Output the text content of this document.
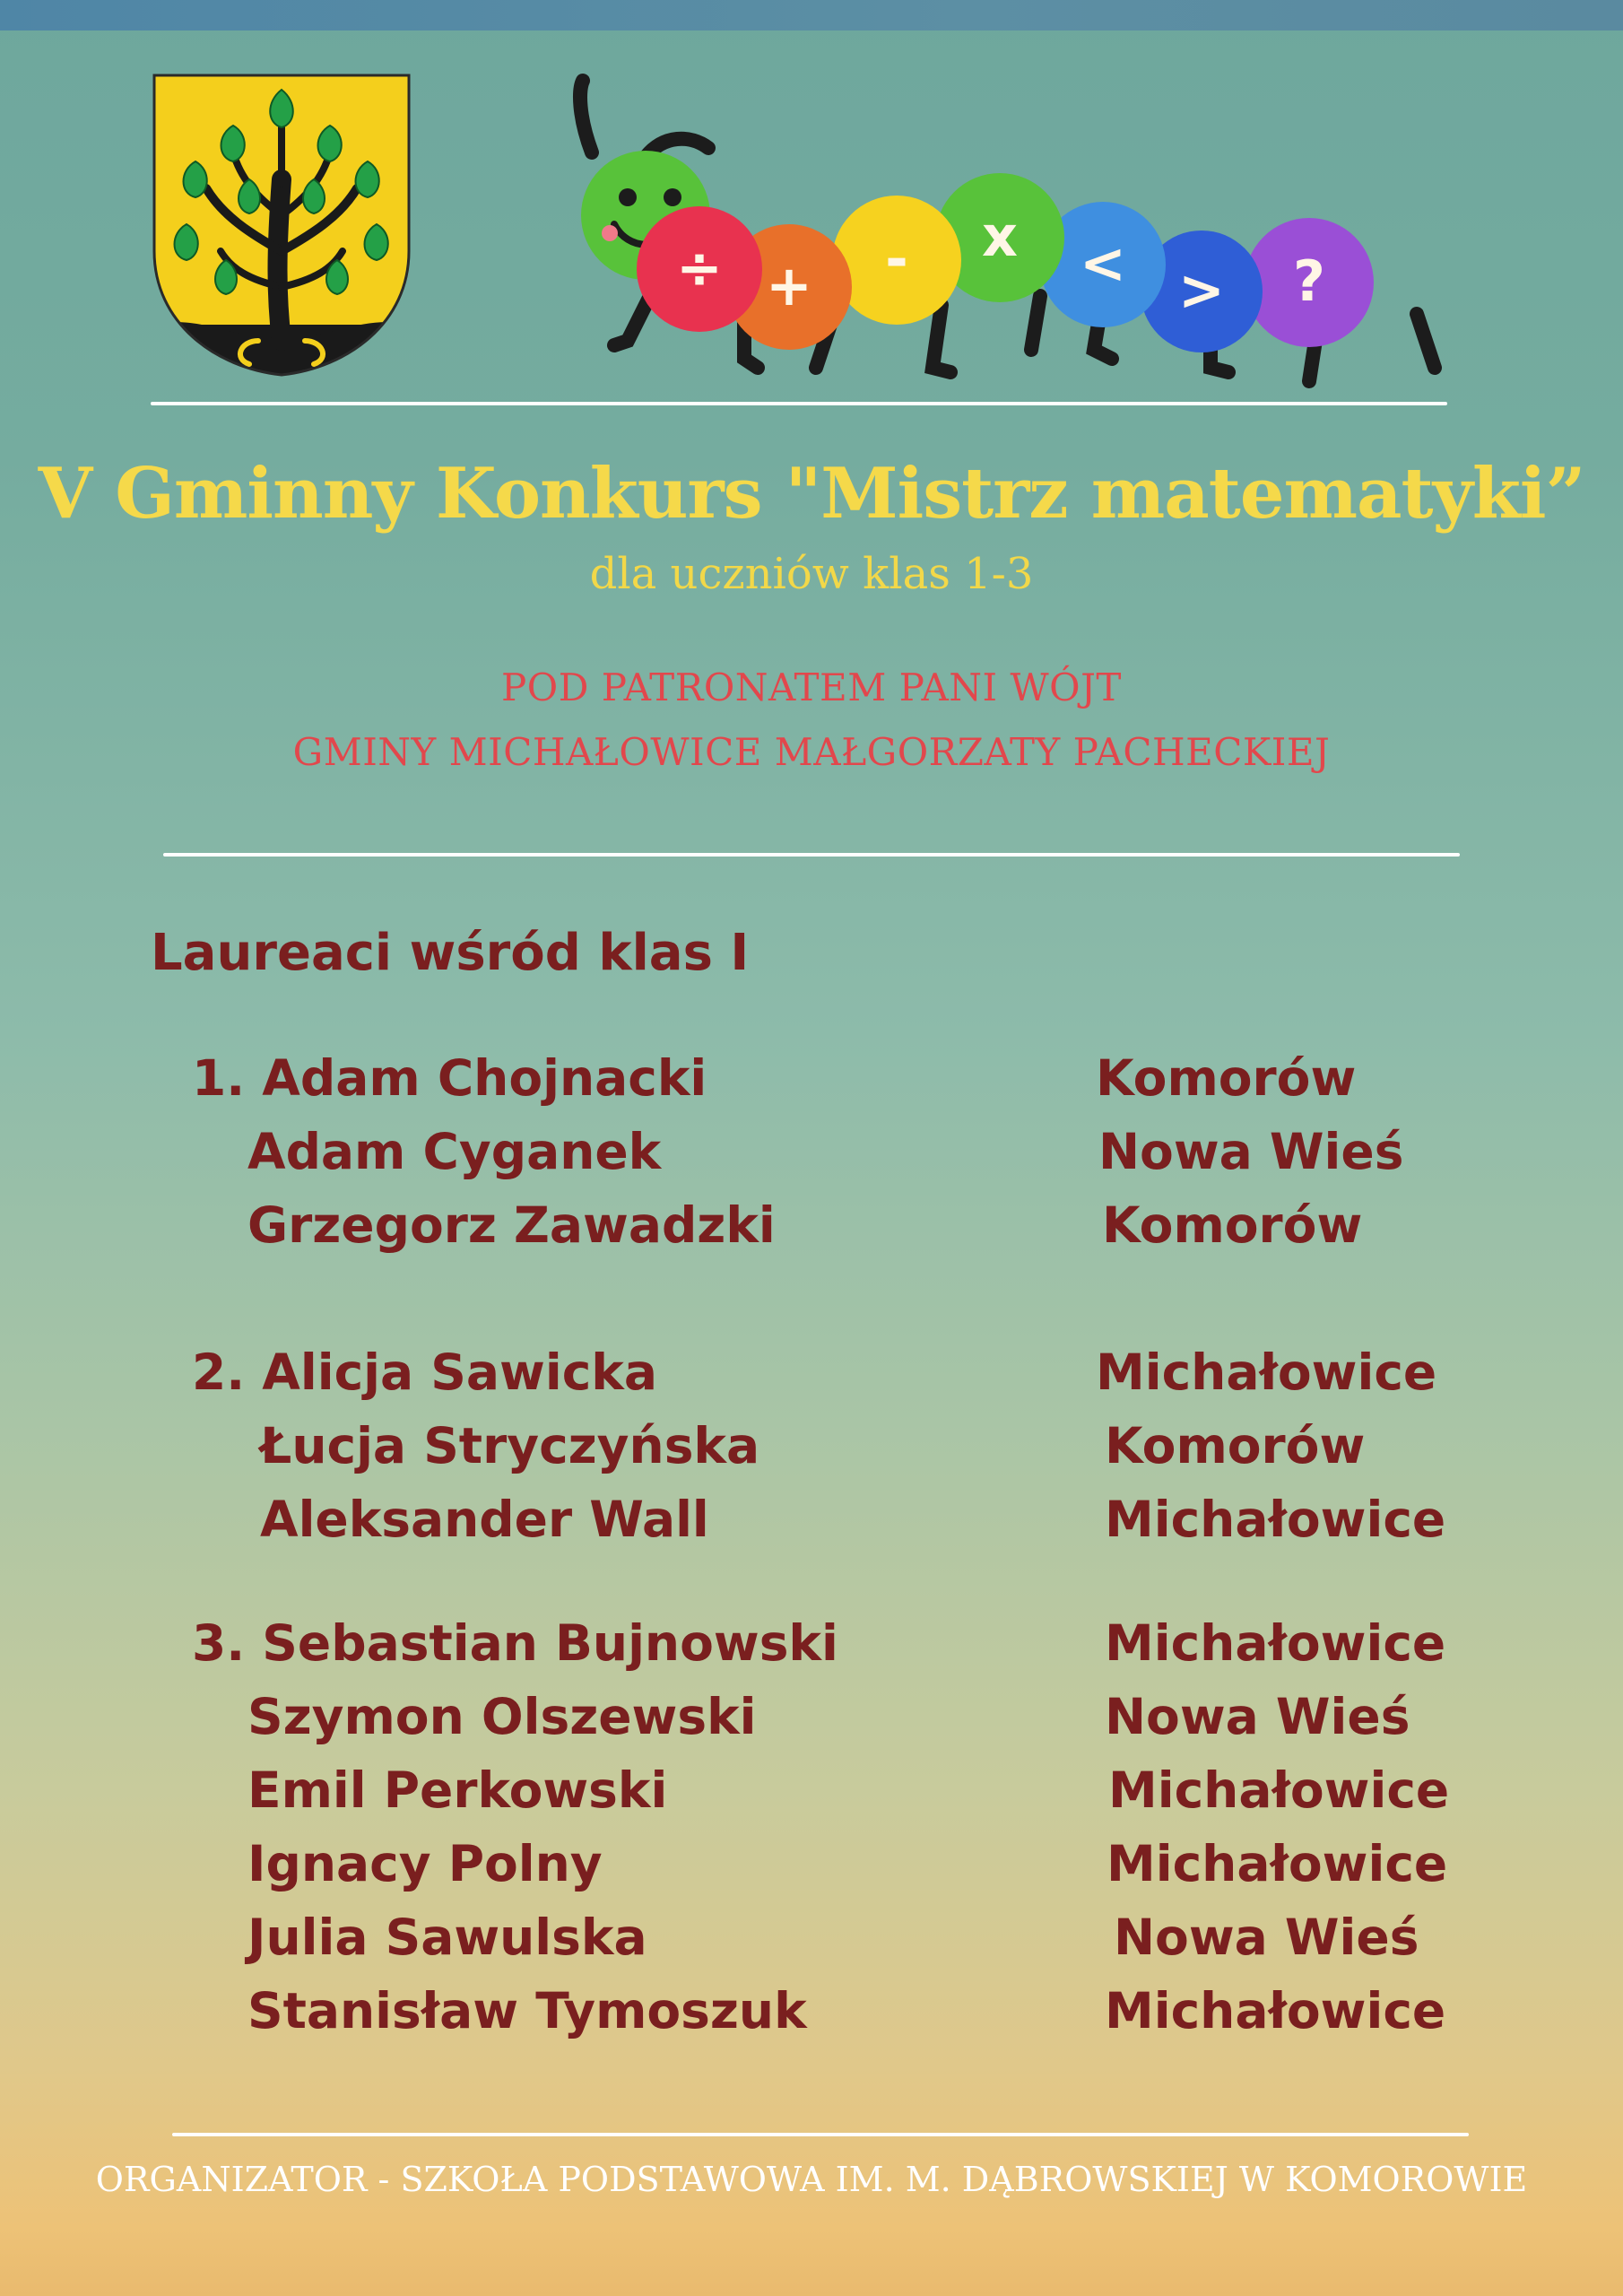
?
>
<
x
-
+
÷
V Gminny Konkurs "Mistrz matematyki”
dla uczniów klas 1-3
POD PATRONATEM PANI WÓJT
GMINY MICHAŁOWICE MAŁGORZATY PACHECKIEJ
Laureaci wśród klas I
1. Adam Chojnacki	Komorów
Adam Cyganek	Nowa Wieś
Grzegorz Zawadzki	Komorów
2. Alicja Sawicka	Michałowice
Łucja Stryczyńska	Komorów
Aleksander Wall	Michałowice
3. Sebastian Bujnowski	Michałowice
Szymon Olszewski	Nowa Wieś
Emil Perkowski	Michałowice
Ignacy Polny	Michałowice
Julia Sawulska	Nowa Wieś
Stanisław Tymoszuk	Michałowice
ORGANIZATOR - SZKOŁA PODSTAWOWA IM. M. DĄBROWSKIEJ W KOMOROWIE
